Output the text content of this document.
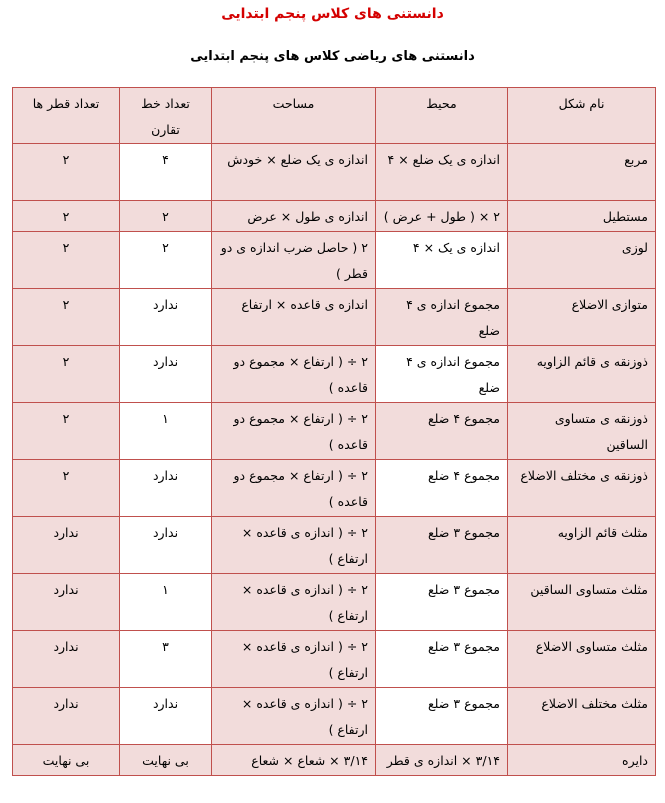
دانستنی های کلاس پنجم ابتدایی
دانستنی های ریاضی کلاس های پنجم ابتدایی
نام شکل	محیط	مساحت	تعداد خط تقارن	تعداد قطر ها
مربع	اندازه ی یک ضلع × ۴	اندازه ی یک ضلع × خودش	۴	۲
مستطیل	۲ × ( طول + عرض )	اندازه ی طول × عرض	۲	۲
لوزی	اندازه ی یک × ۴	۲ ( حاصل ضرب اندازه ی دو قطر )	۲	۲
متوازی الاضلاع	مجموع اندازه ی ۴ ضلع	اندازه ی قاعده × ارتفاع	ندارد	۲
ذوزنقه ی قائم الزاویه	مجموع اندازه ی ۴ ضلع	۲ ÷ ( ارتفاع × مجموع دو قاعده )	ندارد	۲
ذوزنقه ی متساوی الساقین	مجموع ۴ ضلع	۲ ÷ ( ارتفاع × مجموع دو قاعده )	۱	۲
ذوزنقه ی مختلف الاضلاع	مجموع ۴ ضلع	۲ ÷ ( ارتفاع × مجموع دو قاعده )	ندارد	۲
مثلث قائم الزاویه	مجموع ۳ ضلع	۲ ÷ ( اندازه ی قاعده × ارتفاع )	ندارد	ندارد
مثلث متساوی الساقین	مجموع ۳ ضلع	۲ ÷ ( اندازه ی قاعده × ارتفاع )	۱	ندارد
مثلث متساوی الاضلاع	مجموع ۳ ضلع	۲ ÷ ( اندازه ی قاعده × ارتفاع )	۳	ندارد
مثلث مختلف الاضلاع	مجموع ۳ ضلع	۲ ÷ ( اندازه ی قاعده × ارتفاع )	ندارد	ندارد
دایره	۳/۱۴ × اندازه ی قطر	۳/۱۴ × شعاع × شعاع	بی نهایت	بی نهایت
